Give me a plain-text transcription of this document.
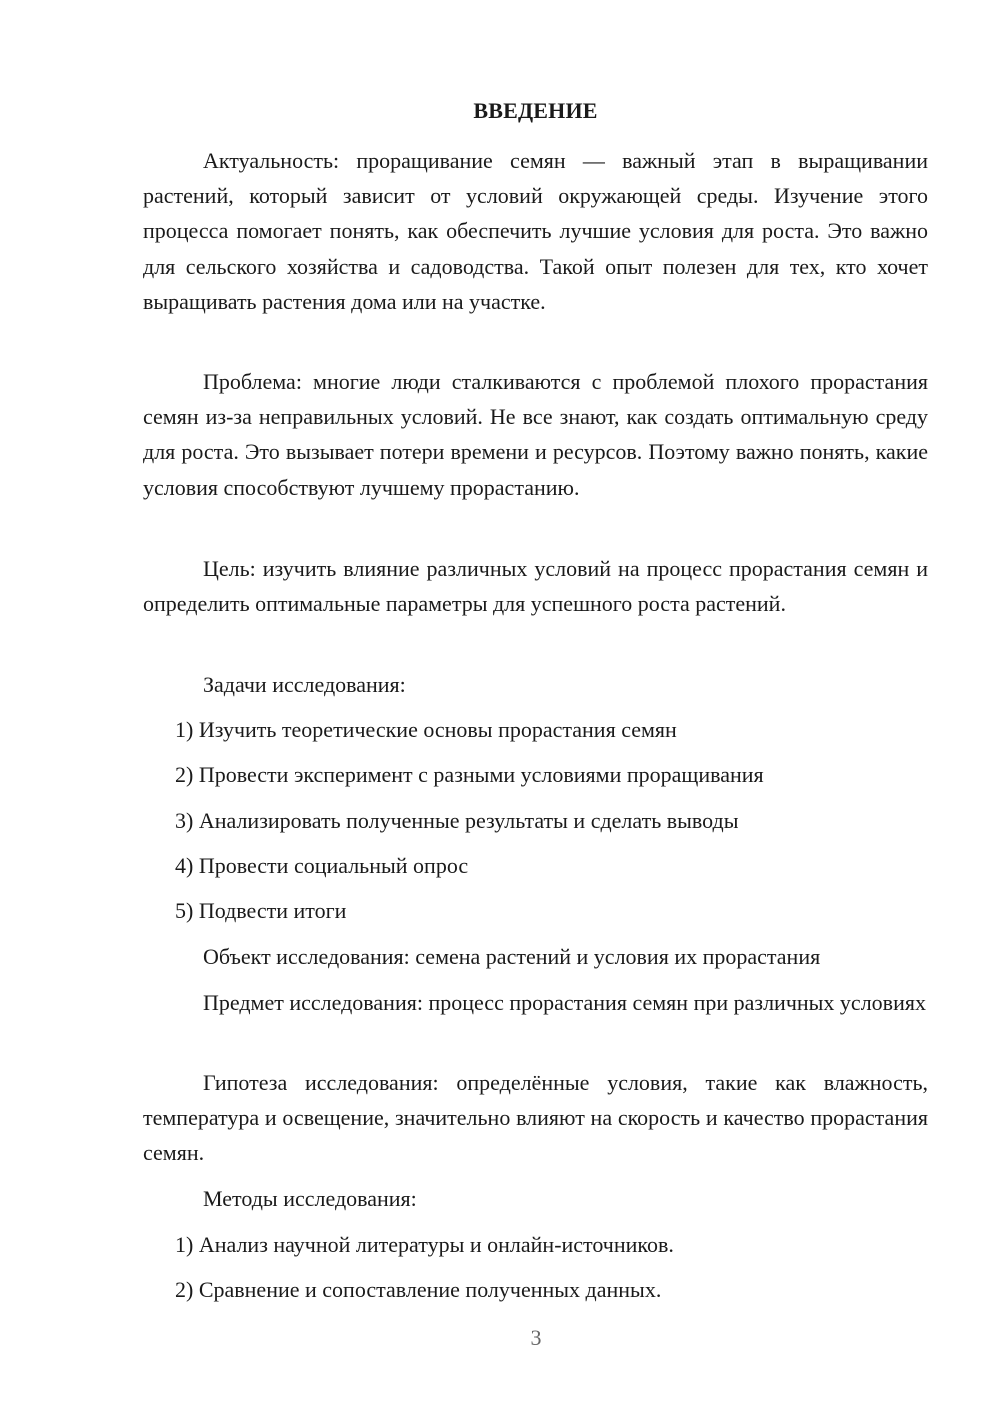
ВВЕДЕНИЕ

Актуальность: проращивание семян — важный этап в выращивании растений, который зависит от условий окружающей среды. Изучение этого процесса помогает понять, как обеспечить лучшие условия для роста. Это важно для сельского хозяйства и садоводства. Такой опыт полезен для тех, кто хочет выращивать растения дома или на участке.

Проблема: многие люди сталкиваются с проблемой плохого прорастания семян из-за неправильных условий. Не все знают, как создать оптимальную среду для роста. Это вызывает потери времени и ресурсов. Поэтому важно понять, какие условия способствуют лучшему прорастанию.

Цель: изучить влияние различных условий на процесс прорастания семян и определить оптимальные параметры для успешного роста растений.

Задачи исследования:

1) Изучить теоретические основы прорастания семян

2) Провести эксперимент с разными условиями проращивания

3) Анализировать полученные результаты и сделать выводы

4) Провести социальный опрос

5) Подвести итоги

Объект исследования: семена растений и условия их прорастания

Предмет исследования: процесс прорастания семян при различных условиях

Гипотеза исследования: определённые условия, такие как влажность, температура и освещение, значительно влияют на скорость и качество прорастания семян.

Методы исследования:

1) Анализ научной литературы и онлайн-источников.

2) Сравнение и сопоставление полученных данных.

3
